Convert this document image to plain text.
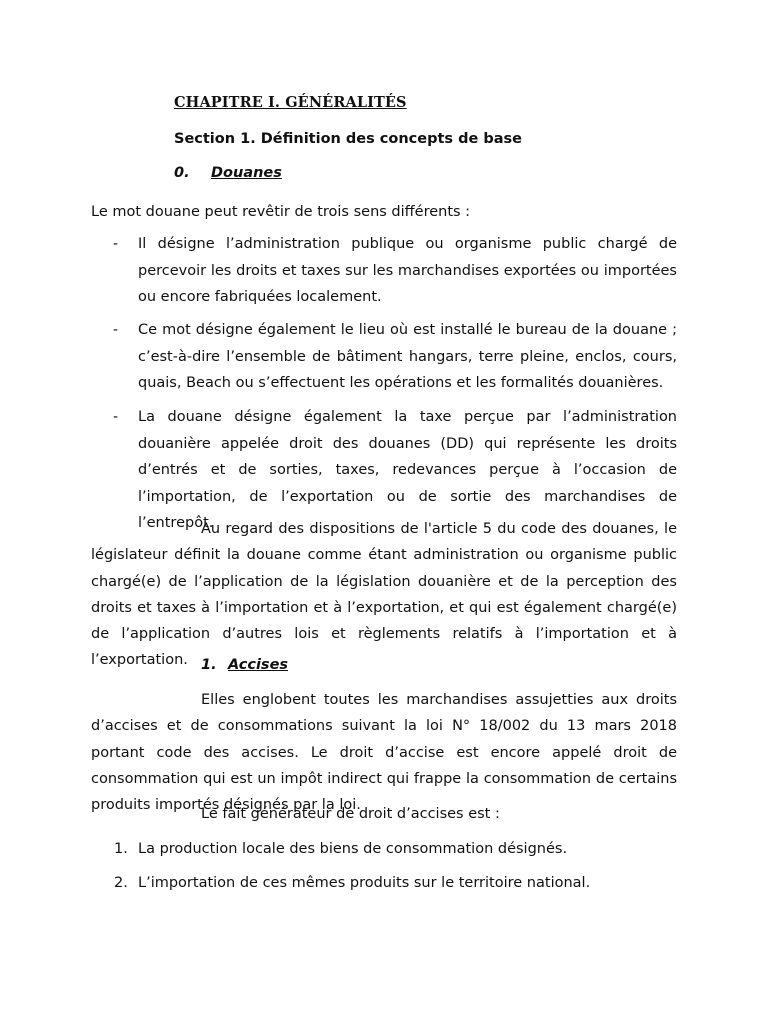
CHAPITRE I. GÉNÉRALITÉS
Section 1. Définition des concepts de base
0. Douanes
Le mot douane peut revêtir de trois sens différents :
- Il désigne l’administration publique ou organisme public chargé de percevoir les droits et taxes sur les marchandises exportées ou importées ou encore fabriquées localement.
- Ce mot désigne également le lieu où est installé le bureau de la douane ; c’est-à-dire l’ensemble de bâtiment hangars, terre pleine, enclos, cours, quais, Beach ou s’effectuent les opérations et les formalités douanières.
- La douane désigne également la taxe perçue par l’administration douanière appelée droit des douanes (DD) qui représente les droits d’entrés et de sorties, taxes, redevances perçue à l’occasion de l’importation, de l’exportation ou de sortie des marchandises de l’entrepôt.
Au regard des dispositions de l'article 5 du code des douanes, le législateur définit la douane comme étant administration ou organisme public chargé(e) de l’application de la législation douanière et de la perception des droits et taxes à l’importation et à l’exportation, et qui est également chargé(e) de l’application d’autres lois et règlements relatifs à l’importation et à l’exportation. 1. Accises
Elles englobent toutes les marchandises assujetties aux droits d’accises et de consommations suivant la loi N° 18/002 du 13 mars 2018 portant code des accises. Le droit d’accise est encore appelé droit de consommation qui est un impôt indirect qui frappe la consommation de certains produits importés désignés par la loi.
Le fait générateur de droit d’accises est :
1. La production locale des biens de consommation désignés.
2. L’importation de ces mêmes produits sur le territoire national.
